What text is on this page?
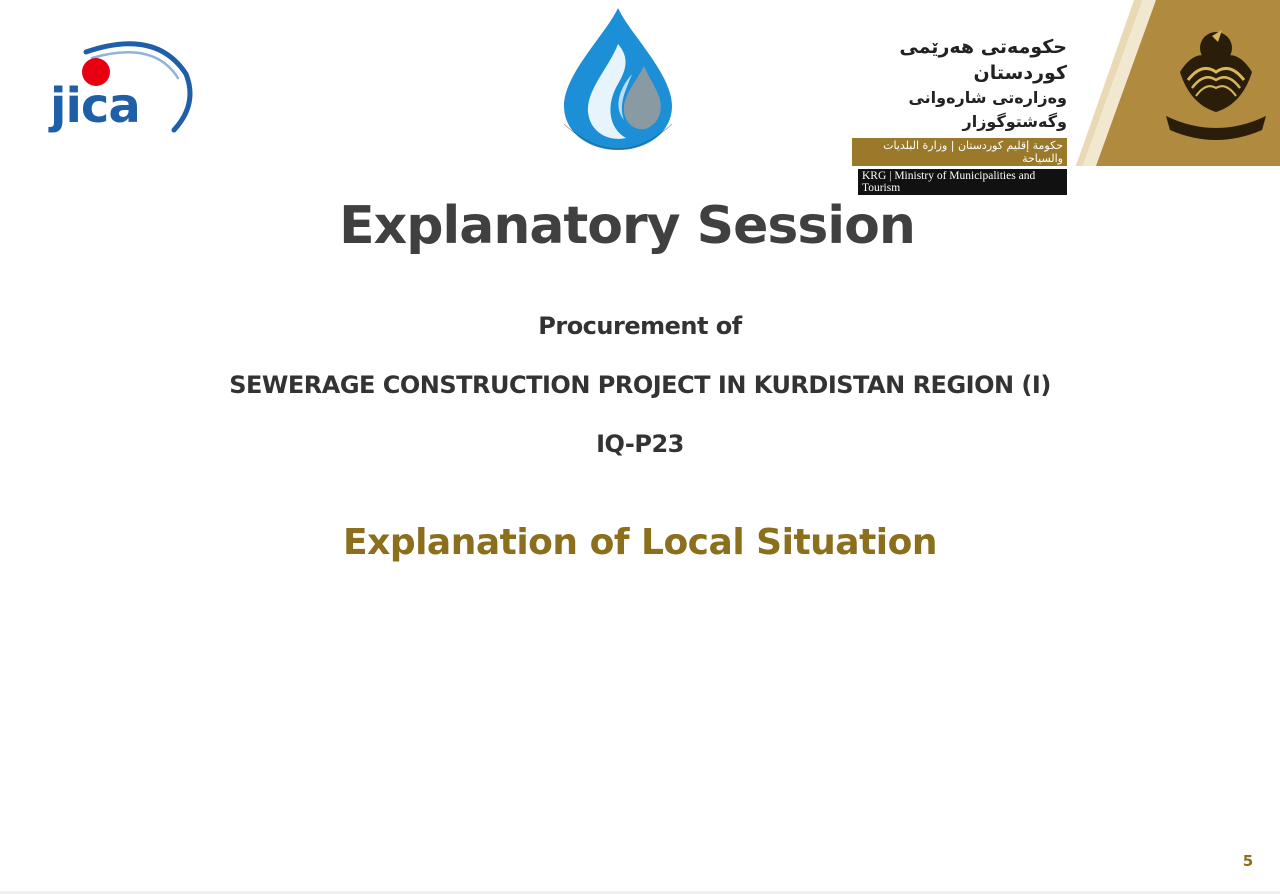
jica
حکومەتی هەرێمی کوردستان
وەزارەتی شارەوانی وگەشتوگوزار
حكومة إقليم كوردستان | وزارة البلديات والسياحة
KRG | Ministry of Municipalities and Tourism
Explanatory Session
Procurement of
SEWERAGE CONSTRUCTION PROJECT IN KURDISTAN REGION (I)
IQ-P23
Explanation of Local Situation
5
